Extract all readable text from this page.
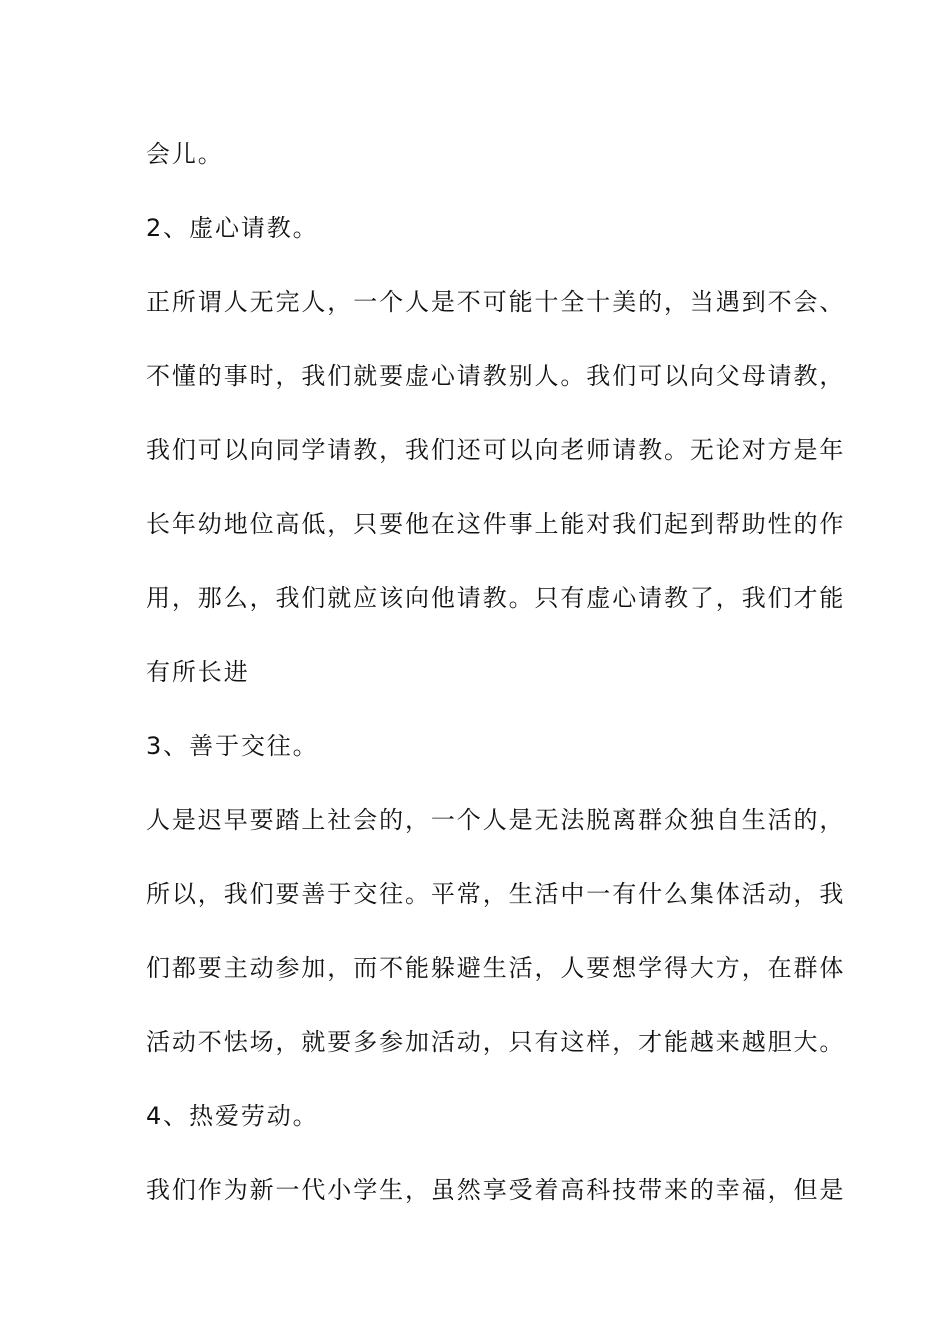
会儿。
2、虚心请教。
正所谓人无完人，一个人是不可能十全十美的，当遇到不会、
不懂的事时，我们就要虚心请教别人。我们可以向父母请教，
我们可以向同学请教，我们还可以向老师请教。无论对方是年
长年幼地位高低，只要他在这件事上能对我们起到帮助性的作
用，那么，我们就应该向他请教。只有虚心请教了，我们才能
有所长进
3、善于交往。
人是迟早要踏上社会的，一个人是无法脱离群众独自生活的，
所以，我们要善于交往。平常，生活中一有什么集体活动，我
们都要主动参加，而不能躲避生活，人要想学得大方，在群体
活动不怯场，就要多参加活动，只有这样，才能越来越胆大。
4、热爱劳动。
我们作为新一代小学生，虽然享受着高科技带来的幸福，但是
